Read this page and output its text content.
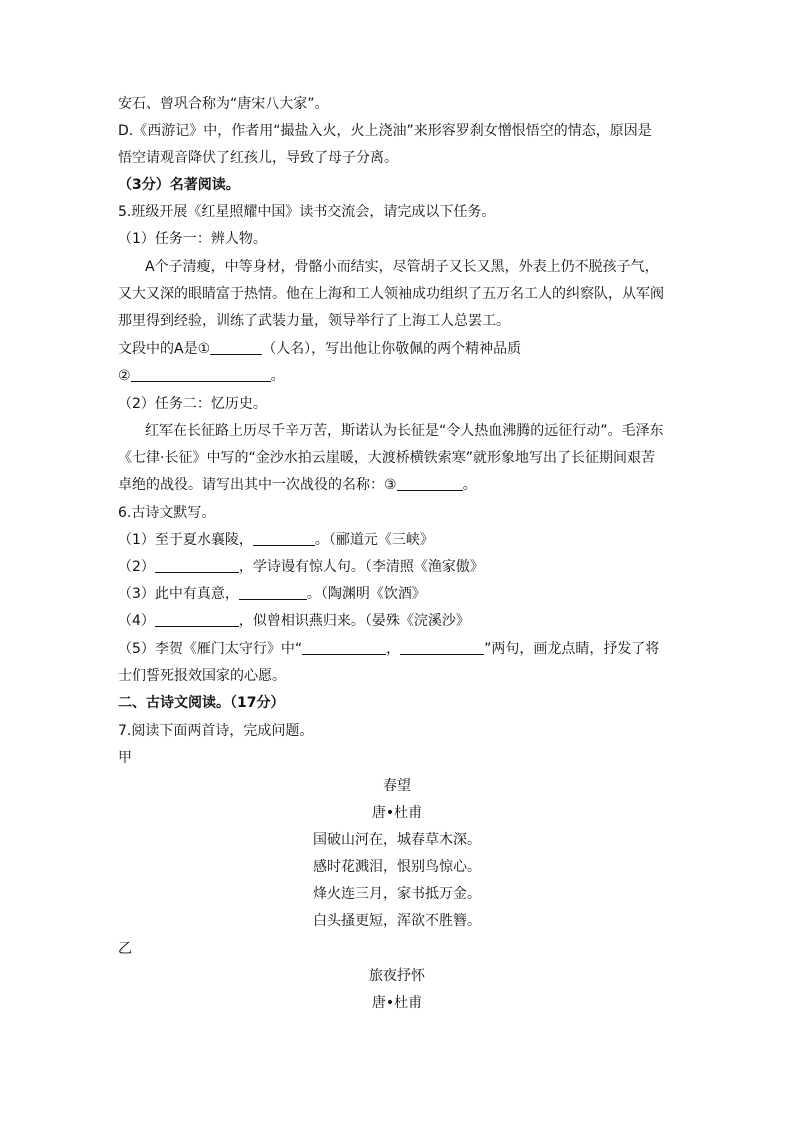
安石、曾巩合称为“唐宋八大家”。
D.《西游记》中，作者用“撮盐入火，火上浇油”来形容罗刹女憎恨悟空的情态，原因是
悟空请观音降伏了红孩儿，导致了母子分离。
（3分）名著阅读。
5.班级开展《红星照耀中国》读书交流会，请完成以下任务。
（1）任务一：辨人物。
A个子清瘦，中等身材，骨骼小而结实，尽管胡子又长又黑，外表上仍不脱孩子气，
又大又深的眼睛富于热情。他在上海和工人领袖成功组织了五万名工人的纠察队，从军阀
那里得到经验，训练了武装力量，领导举行了上海工人总罢工。
文段中的A是①	（人名），写出他让你敬佩的两个精神品质
②	。
（2）任务二：忆历史。
红军在长征路上历尽千辛万苦，斯诺认为长征是“令人热血沸腾的远征行动”。毛泽东
《七律·长征》中写的“金沙水拍云崖暖，大渡桥横铁索寒”就形象地写出了长征期间艰苦
卓绝的战役。请写出其中一次战役的名称：③	。
6.古诗文默写。
（1）至于夏水襄陵，	。（郦道元《三峡》
（2）	，学诗谩有惊人句。（李清照《渔家傲》
（3）此中有真意，	。（陶渊明《饮酒》
（4）	，似曾相识燕归来。（晏殊《浣溪沙》
（5）李贺《雁门太守行》中“	，	”两句，画龙点睛，抒发了将
士们誓死报效国家的心愿。
二、古诗文阅读。（17分）
7.阅读下面两首诗，完成问题。
甲
春望
唐•杜甫
国破山河在，城春草木深。
感时花溅泪，恨别鸟惊心。
烽火连三月，家书抵万金。
白头搔更短，浑欲不胜簪。
乙
旅夜抒怀
唐•杜甫
